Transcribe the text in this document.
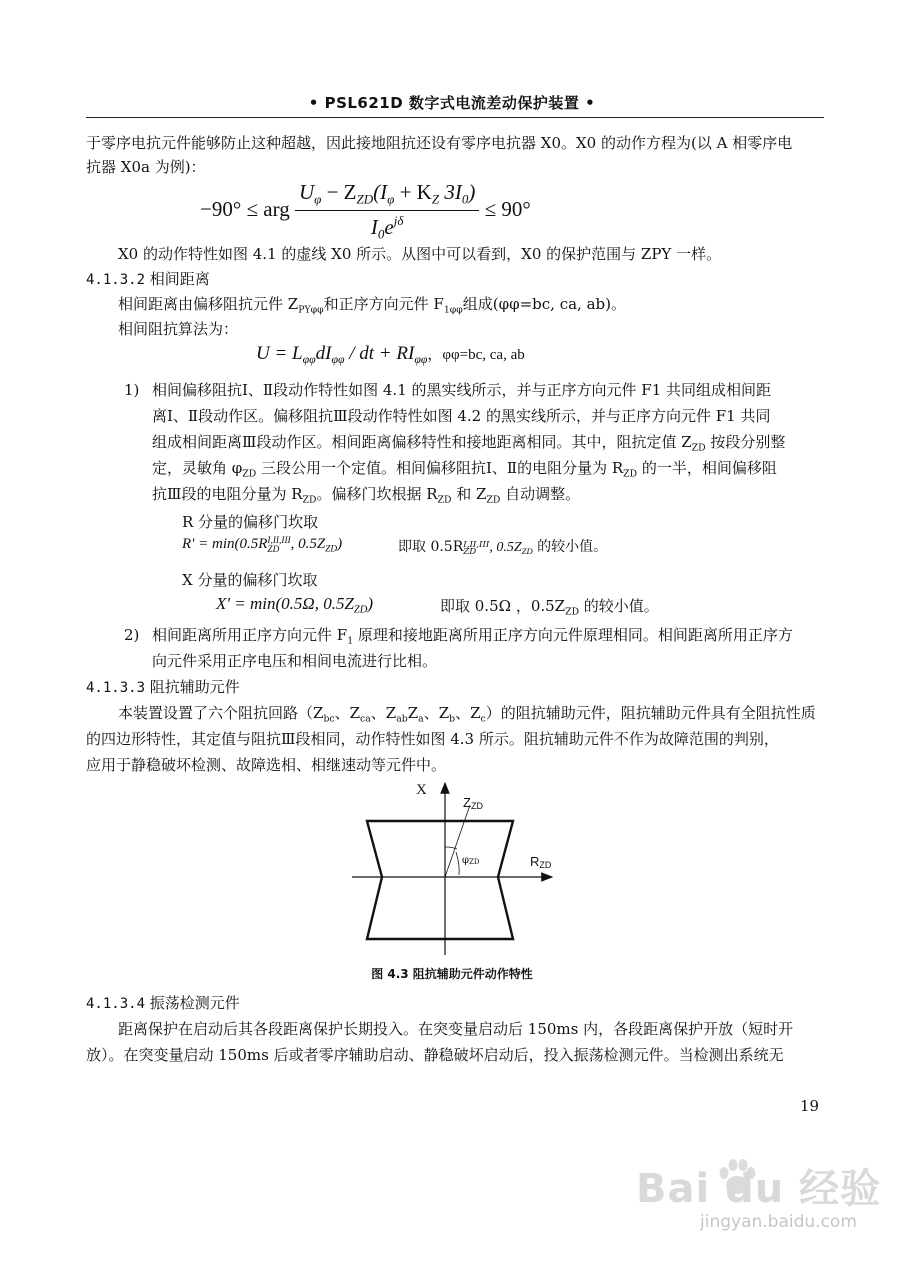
• PSL621D 数字式电流差动保护装置 •
于零序电抗元件能够防止这种超越，因此接地阻抗还设有零序电抗器 X0。X0 的动作方程为(以 A 相零序电
抗器 X0a 为例)：
−90° ≤ arg $\frac{U_\varphi - Z_{ZD}(I_\varphi + K_Z 3I_0)}{I_0e^{j\delta}} \le 90^\circ$
X0 的动作特性如图 4.1 的虚线 X0 所示。从图中可以看到，X0 的保护范围与 ZPY 一样。
4.1.3.2 相间距离
相间距离由偏移阻抗元件 $Z_{PY\varphi\varphi}$和正序方向元件 $F_{1\varphi\varphi}$组成(φφ=bc, ca, ab)。
相间阻抗算法为：
$U = L_{\varphi\varphi}dI_{\varphi\varphi}$ / dt + $RI_{\varphi\varphi}$，φφ=bc, ca, ab
1) 相间偏移阻抗Ⅰ、Ⅱ段动作特性如图 4.1 的黑实线所示，并与正序方向元件 F1 共同组成相间距
离Ⅰ、Ⅱ段动作区。偏移阻抗Ⅲ段动作特性如图 4.2 的黑实线所示，并与正序方向元件 F1 共同
组成相间距离Ⅲ段动作区。相间距离偏移特性和接地距离相同。其中，阻抗定值 $Z_{ZD}$ 按段分别整
定，灵敏角 $\varphi_{ZD}$ 三段公用一个定值。相间偏移阻抗Ⅰ、Ⅱ的电阻分量为 $R_{ZD}$ 的一半，相间偏移阻
抗Ⅲ段的电阻分量为 $R_{ZD}$。偏移门坎根据 $R_{ZD}$ 和 $Z_{ZD}$ 自动调整。
R 分量的偏移门坎取
R' = min(0.5R I,II,III
ZD , $0.5Z_{ZD}$)	即取 0.5R I,II,III
ZD , $0.5Z_{ZD}$ 的较小值。
X 分量的偏移门坎取
X' = min(0.5Ω, $0.5Z_{ZD}$)	即取 0.5Ω ，$0.5Z_{ZD}$ 的较小值。
2) 相间距离所用正序方向元件 $F_1$ 原理和接地距离所用正序方向元件原理相同。相间距离所用正序方
向元件采用正序电压和相间电流进行比相。
4.1.3.3 阻抗辅助元件
本装置设置了六个阻抗回路（$Z_{bc}$、$Z_{ca}$、$Z_{ab}Z_a$、$Z_b$、$Z_c$）的阻抗辅助元件，阻抗辅助元件具有全阻抗性质
的四边形特性，其定值与阻抗Ⅲ段相同，动作特性如图 4.3 所示。阻抗辅助元件不作为故障范围的判别，
应用于静稳破坏检测、故障选相、相继速动等元件中。
X
ZZD
RZD
φZD
图 4.3 阻抗辅助元件动作特性
4.1.3.4 振荡检测元件
距离保护在启动后其各段距离保护长期投入。在突变量启动后 150ms 内，各段距离保护开放（短时开
放）。在突变量启动 150ms 后或者零序辅助启动、静稳破坏启动后，投入振荡检测元件。当检测出系统无
19
Bai du 经验
jingyan.baidu.com
